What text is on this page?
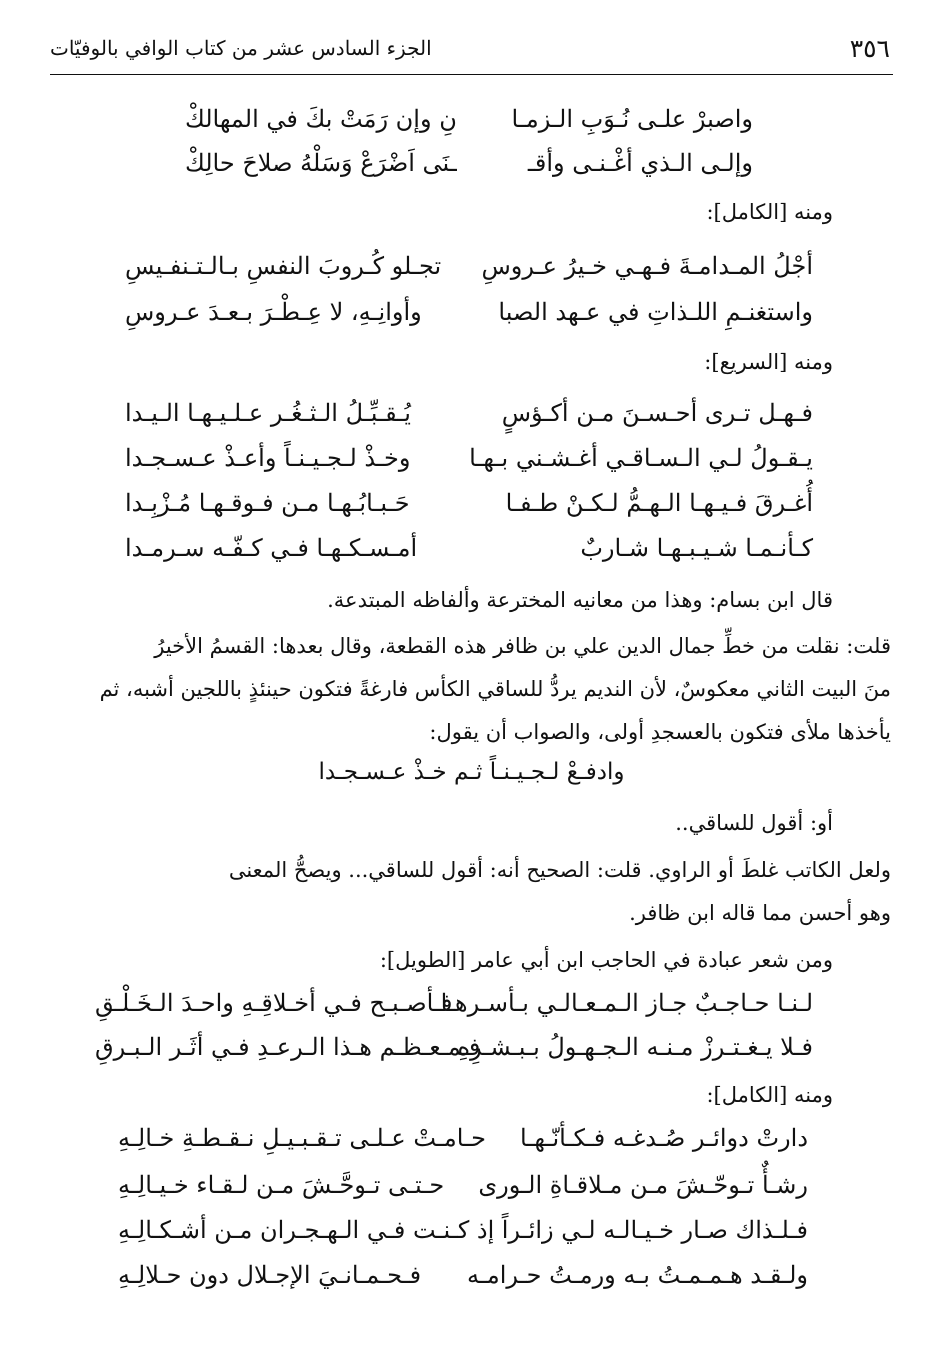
٣٥٦
الجزء السادس عشر من كتاب الوافي بالوفيّات
واصبرْ علـى نُـوَبِ الـزمـا
نِ وإن رَمَتْ بكَ في المهالكْ
وإلـى الـذي أغْـنـى وأقـ
ـنَى اَضْرَعْ وَسَلْهُ صلاحَ حالِكْ
ومنه [الكامل]:
أجْلُ المـدامـةَ فـهـي خـيرُ عـروسِ
تجـلو كُـروبَ النفسِ بـالـتـنفـيسِ
واستغنـمِ اللـذاتِ في عـهد الصبا
وأوانِـهِ، لا عِـطْـرَ بـعـدَ عـروسِ
ومنه [السريع]:
فـهـل تـرى أحـسـنَ مـن أكـؤسٍ
يُـقـبِّـلُ الـثـغُـر عـلـيـهـا الـيـدا
يـقـولُ لـي الـسـاقـي أغـشـني بـهـا
وخـذْ لـجـيـنـاً وأعـذْ عـسـجـدا
أُغـرقَ فـيـهـا الـهـمُّ لـكـنْ طـفـا
حَـبـابُـهـا مـن فـوقـهـا مُـزْبِـدا
كـأنـمـا شـيـبـهـا شـاربٌ
أمـسـكـهـا فـي كـفّـه سـرمـدا
قال ابن بسام: وهذا من معانيه المخترعة وألفاظه المبتدعة.
قلت: نقلت من خطِّ جمال الدين علي بن ظافر هذه القطعة، وقال بعدها: القسمُ الأخيرُ
منَ البيت الثاني معكوسٌ، لأن النديم يردُّ للساقي الكأس فارغةً فتكون حينئذٍ باللجين أشبه، ثم
يأخذها ملأى فتكون بالعسجدِ أولى، والصواب أن يقول:
وادفـعْ لـجـيـنـاً ثـم خـذْ عـسـجـدا
أو: أقول للساقي..
ولعل الكاتب غلطَ أو الراوي. قلت: الصحيح أنه: أقول للساقي... ويصحُّ المعنى
وهو أحسن مما قاله ابن ظافر.
ومن شعر عبادة في الحاجب ابن أبي عامر [الطويل]:
لـنـا حـاجـبٌ جـاز الـمـعـالـي بـأسـرهـا
فـأصـبـح فـي أخـلاقِـهِ واحـدَ الـخَـلْـقِ
فـلا يـغـتـرزْ مـنـه الـجـهـولُ بـبـشـرِهِ
فـمـعـظـم هـذا الـرعـدِ فـي أثَـر الـبـرقِ
ومنه [الكامل]:
دارتْ دوائـر صُـدغـه فـكـأنّـهـا
حـامـتْ عـلـى تـقـبـيـلِ نـقـطـةِ خـالِـهِ
رشـأٌ تـوحّـشَ مـن مـلاقـاةِ الـورى
حـتـى تـوحَّـشَ مـن لـقـاء خـيـالِـهِ
فـلـذاك صـار خـيـالـه لـي زائـراً
إذ كـنـت فـي الـهـجـران مـن أشـكـالِـهِ
ولـقـد هـمـمـتُ بـه ورمـتُ حـرامـه
فـحـمـانـيَ الإجـلال دون حـلالِـهِ
